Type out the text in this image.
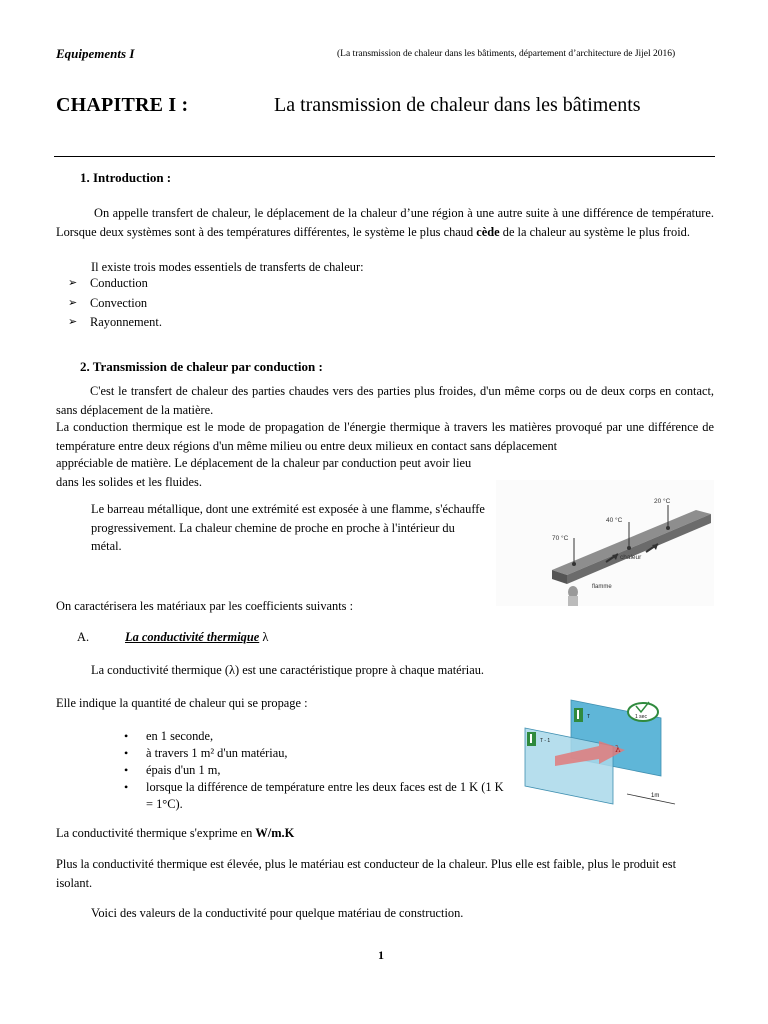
Equipements I	(La transmission de chaleur dans les bâtiments, département d’architecture de Jijel 2016)
CHAPITRE I :	La transmission de chaleur dans les bâtiments
1. Introduction :
On appelle transfert de chaleur, le déplacement de la chaleur d’une région à une autre suite à une différence de température. Lorsque deux systèmes sont à des températures différentes, le système le plus chaud cède de la chaleur au système le plus froid.
Il existe trois modes essentiels de transferts de chaleur:
➢ Conduction
➢ Convection
➢ Rayonnement.
2. Transmission de chaleur par conduction :
C'est le transfert de chaleur des parties chaudes vers des parties plus froides, d'un même corps ou de deux corps en contact, sans déplacement de la matière.
La conduction thermique est le mode de propagation de l'énergie thermique à travers les matières provoqué par une différence de température entre deux régions d'un même milieu ou entre deux milieux en contact sans déplacement
appréciable de matière. Le déplacement de la chaleur par conduction peut avoir lieu dans les solides et les fluides.
Le barreau métallique, dont une extrémité est exposée à une flamme, s'échauffe progressivement. La chaleur chemine de proche en proche à l'intérieur du métal.
70 °C
40 °C
20 °C
chaleur
flamme
On caractérisera les matériaux par les coefficients suivants :
A.	La conductivité thermique λ
La conductivité thermique (λ) est une caractéristique propre à chaque matériau.
Elle indique la quantité de chaleur qui se propage :
• en 1 seconde,
• à travers 1 m² d'un matériau,
• épais d'un 1 m,
• lorsque la différence de température entre les deux faces est de 1 K (1 K = 1°C).
λ
T
T - 1
1 sec
1m
La conductivité thermique s'exprime en W/m.K
Plus la conductivité thermique est élevée, plus le matériau est conducteur de la chaleur. Plus elle est faible, plus le produit est isolant.
Voici des valeurs de la conductivité pour quelque matériau de construction.
1
